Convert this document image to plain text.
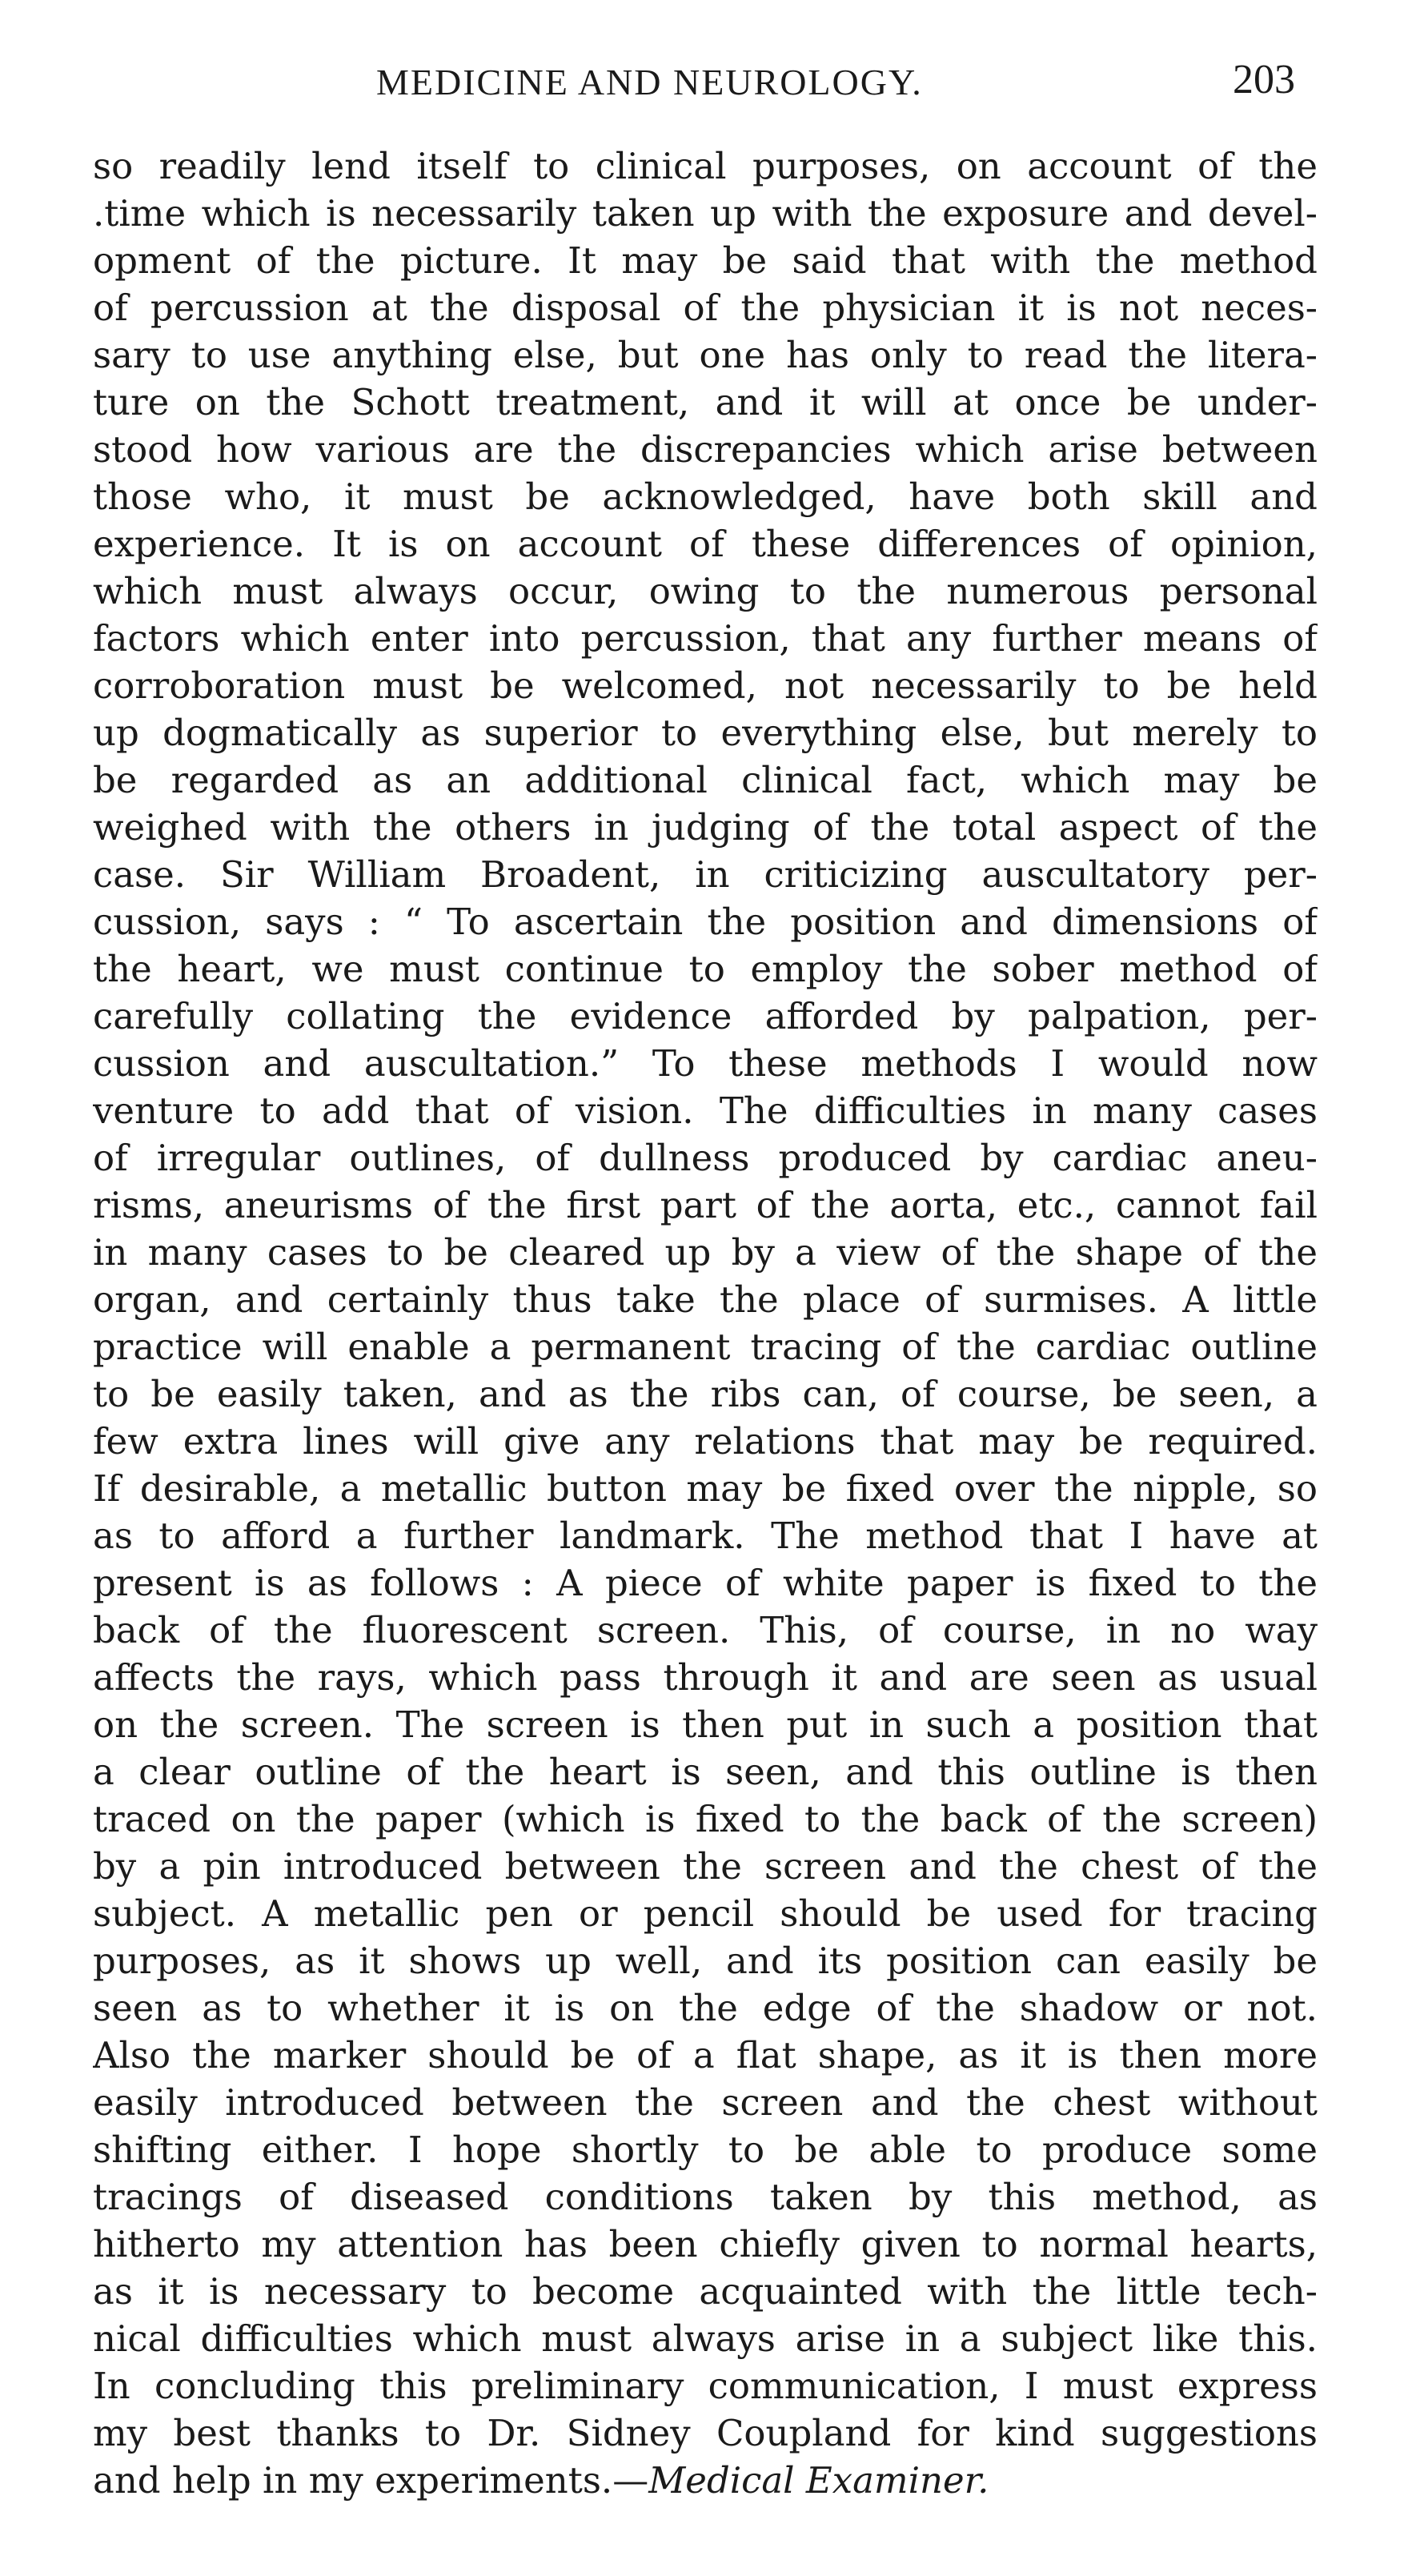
MEDICINE AND NEUROLOGY.	203
so readily lend itself to clinical purposes, on account of the
.time which is necessarily taken up with the exposure and devel-
opment of the picture. It may be said that with the method
of percussion at the disposal of the physician it is not neces-
sary to use anything else, but one has only to read the litera-
ture on the Schott treatment, and it will at once be under-
stood how various are the discrepancies which arise between
those who, it must be acknowledged, have both skill and
experience. It is on account of these differences of opinion,
which must always occur, owing to the numerous personal
factors which enter into percussion, that any further means of
corroboration must be welcomed, not necessarily to be held
up dogmatically as superior to everything else, but merely to
be regarded as an additional clinical fact, which may be
weighed with the others in judging of the total aspect of the
case. Sir William Broadent, in criticizing auscultatory per-
cussion, says : “ To ascertain the position and dimensions of
the heart, we must continue to employ the sober method of
carefully collating the evidence afforded by palpation, per-
cussion and auscultation.” To these methods I would now
venture to add that of vision. The difficulties in many cases
of irregular outlines, of dullness produced by cardiac aneu-
risms, aneurisms of the first part of the aorta, etc., cannot fail
in many cases to be cleared up by a view of the shape of the
organ, and certainly thus take the place of surmises. A little
practice will enable a permanent tracing of the cardiac outline
to be easily taken, and as the ribs can, of course, be seen, a
few extra lines will give any relations that may be required.
If desirable, a metallic button may be fixed over the nipple, so
as to afford a further landmark. The method that I have at
present is as follows : A piece of white paper is fixed to the
back of the fluorescent screen. This, of course, in no way
affects the rays, which pass through it and are seen as usual
on the screen. The screen is then put in such a position that
a clear outline of the heart is seen, and this outline is then
traced on the paper (which is fixed to the back of the screen)
by a pin introduced between the screen and the chest of the
subject. A metallic pen or pencil should be used for tracing
purposes, as it shows up well, and its position can easily be
seen as to whether it is on the edge of the shadow or not.
Also the marker should be of a flat shape, as it is then more
easily introduced between the screen and the chest without
shifting either. I hope shortly to be able to produce some
tracings of diseased conditions taken by this method, as
hitherto my attention has been chiefly given to normal hearts,
as it is necessary to become acquainted with the little tech-
nical difficulties which must always arise in a subject like this.
In concluding this preliminary communication, I must express
my best thanks to Dr. Sidney Coupland for kind suggestions
and help in my experiments.—Medical Examiner.
